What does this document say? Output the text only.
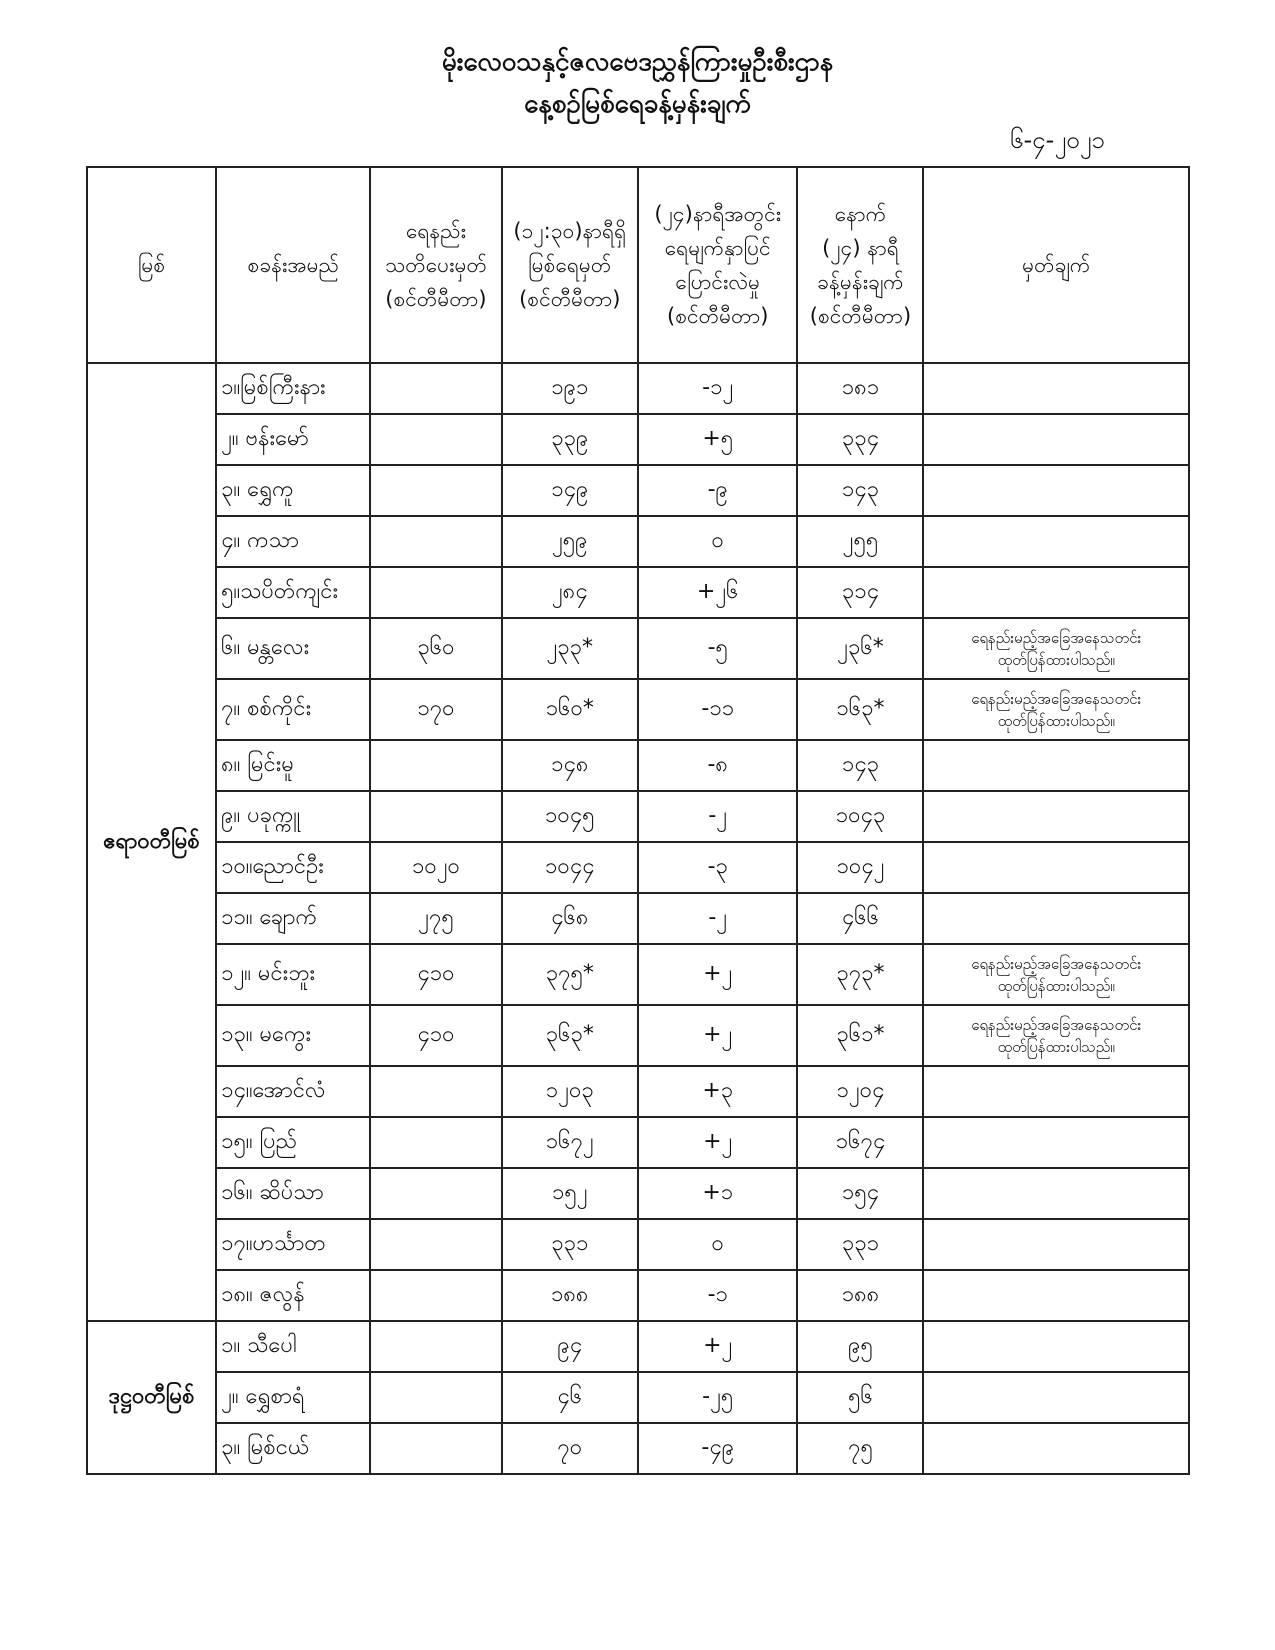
မိုးလေဝသနှင့်ဇလဗေဒညွှန်ကြားမှုဦးစီးဌာန
နေ့စဉ်မြစ်ရေခန့်မှန်းချက်
၆-၄-၂၀၂၁
မြစ်	စခန်းအမည်	ရေနည်း
သတိပေးမှတ်
(စင်တီမီတာ)	(၁၂:၃၀)နာရီရှိ
မြစ်ရေမှတ်
(စင်တီမီတာ)	(၂၄)နာရီအတွင်း
ရေမျက်နှာပြင်
ပြောင်းလဲမှု
(စင်တီမီတာ)	နောက်
(၂၄) နာရီ
ခန့်မှန်းချက်
(စင်တီမီတာ)	မှတ်ချက်

ဧရာဝတီမြစ်	၁။မြစ်ကြီးနား		၁၉၁	-၁၂	၁၈၁	
	၂။ ဗန်းမော်		၃၃၉	+၅	၃၃၄	
	၃။ ရွှေကူ		၁၄၉	-၉	၁၄၃	
	၄။ ကသာ		၂၅၉	၀	၂၅၅	
	၅။သပိတ်ကျင်း		၂၈၄	+၂၆	၃၁၄	
	၆။ မန္တလေး	၃၆၀	၂၃၃*	-၅	၂၃၆*	ရေနည်းမည့်အခြေအနေသတင်း
ထုတ်ပြန်ထားပါသည်။

	၇။ စစ်ကိုင်း	၁၇၀	၁၆၀*	-၁၁	၁၆၃*	ရေနည်းမည့်အခြေအနေသတင်း
ထုတ်ပြန်ထားပါသည်။

	၈။ မြင်းမူ		၁၄၈	-၈	၁၄၃	
	၉။ ပခုက္ကူ		၁၀၄၅	-၂	၁၀၄၃	
	၁၀။ညောင်ဦး	၁၀၂၀	၁၀၄၄	-၃	၁၀၄၂	
	၁၁။ ချောက်	၂၇၅	၄၆၈	-၂	၄၆၆	
	၁၂။ မင်းဘူး	၄၁၀	၃၇၅*	+၂	၃၇၃*	ရေနည်းမည့်အခြေအနေသတင်း
ထုတ်ပြန်ထားပါသည်။

	၁၃။ မကွေး	၄၁၀	၃၆၃*	+၂	၃၆၁*	ရေနည်းမည့်အခြေအနေသတင်း
ထုတ်ပြန်ထားပါသည်။

	၁၄။အောင်လံ		၁၂၀၃	+၃	၁၂၀၄	
	၁၅။ ပြည်		၁၆၇၂	+၂	၁၆၇၄	
	၁၆။ ဆိပ်သာ		၁၅၂	+၁	၁၅၄	
	၁၇။ဟင်္သာတ		၃၃၁	၀	၃၃၁	
	၁၈။ ဇလွန်		၁၈၈	-၁	၁၈၈	
ဒုဋ္ဌဝတီမြစ်	၁။ သီပေါ		၉၄	+၂	၉၅	
	၂။ ရွှေစာရံ		၄၆	-၂၅	၅၆	
	၃။ မြစ်ငယ်		၇၀	-၄၉	၇၅	
